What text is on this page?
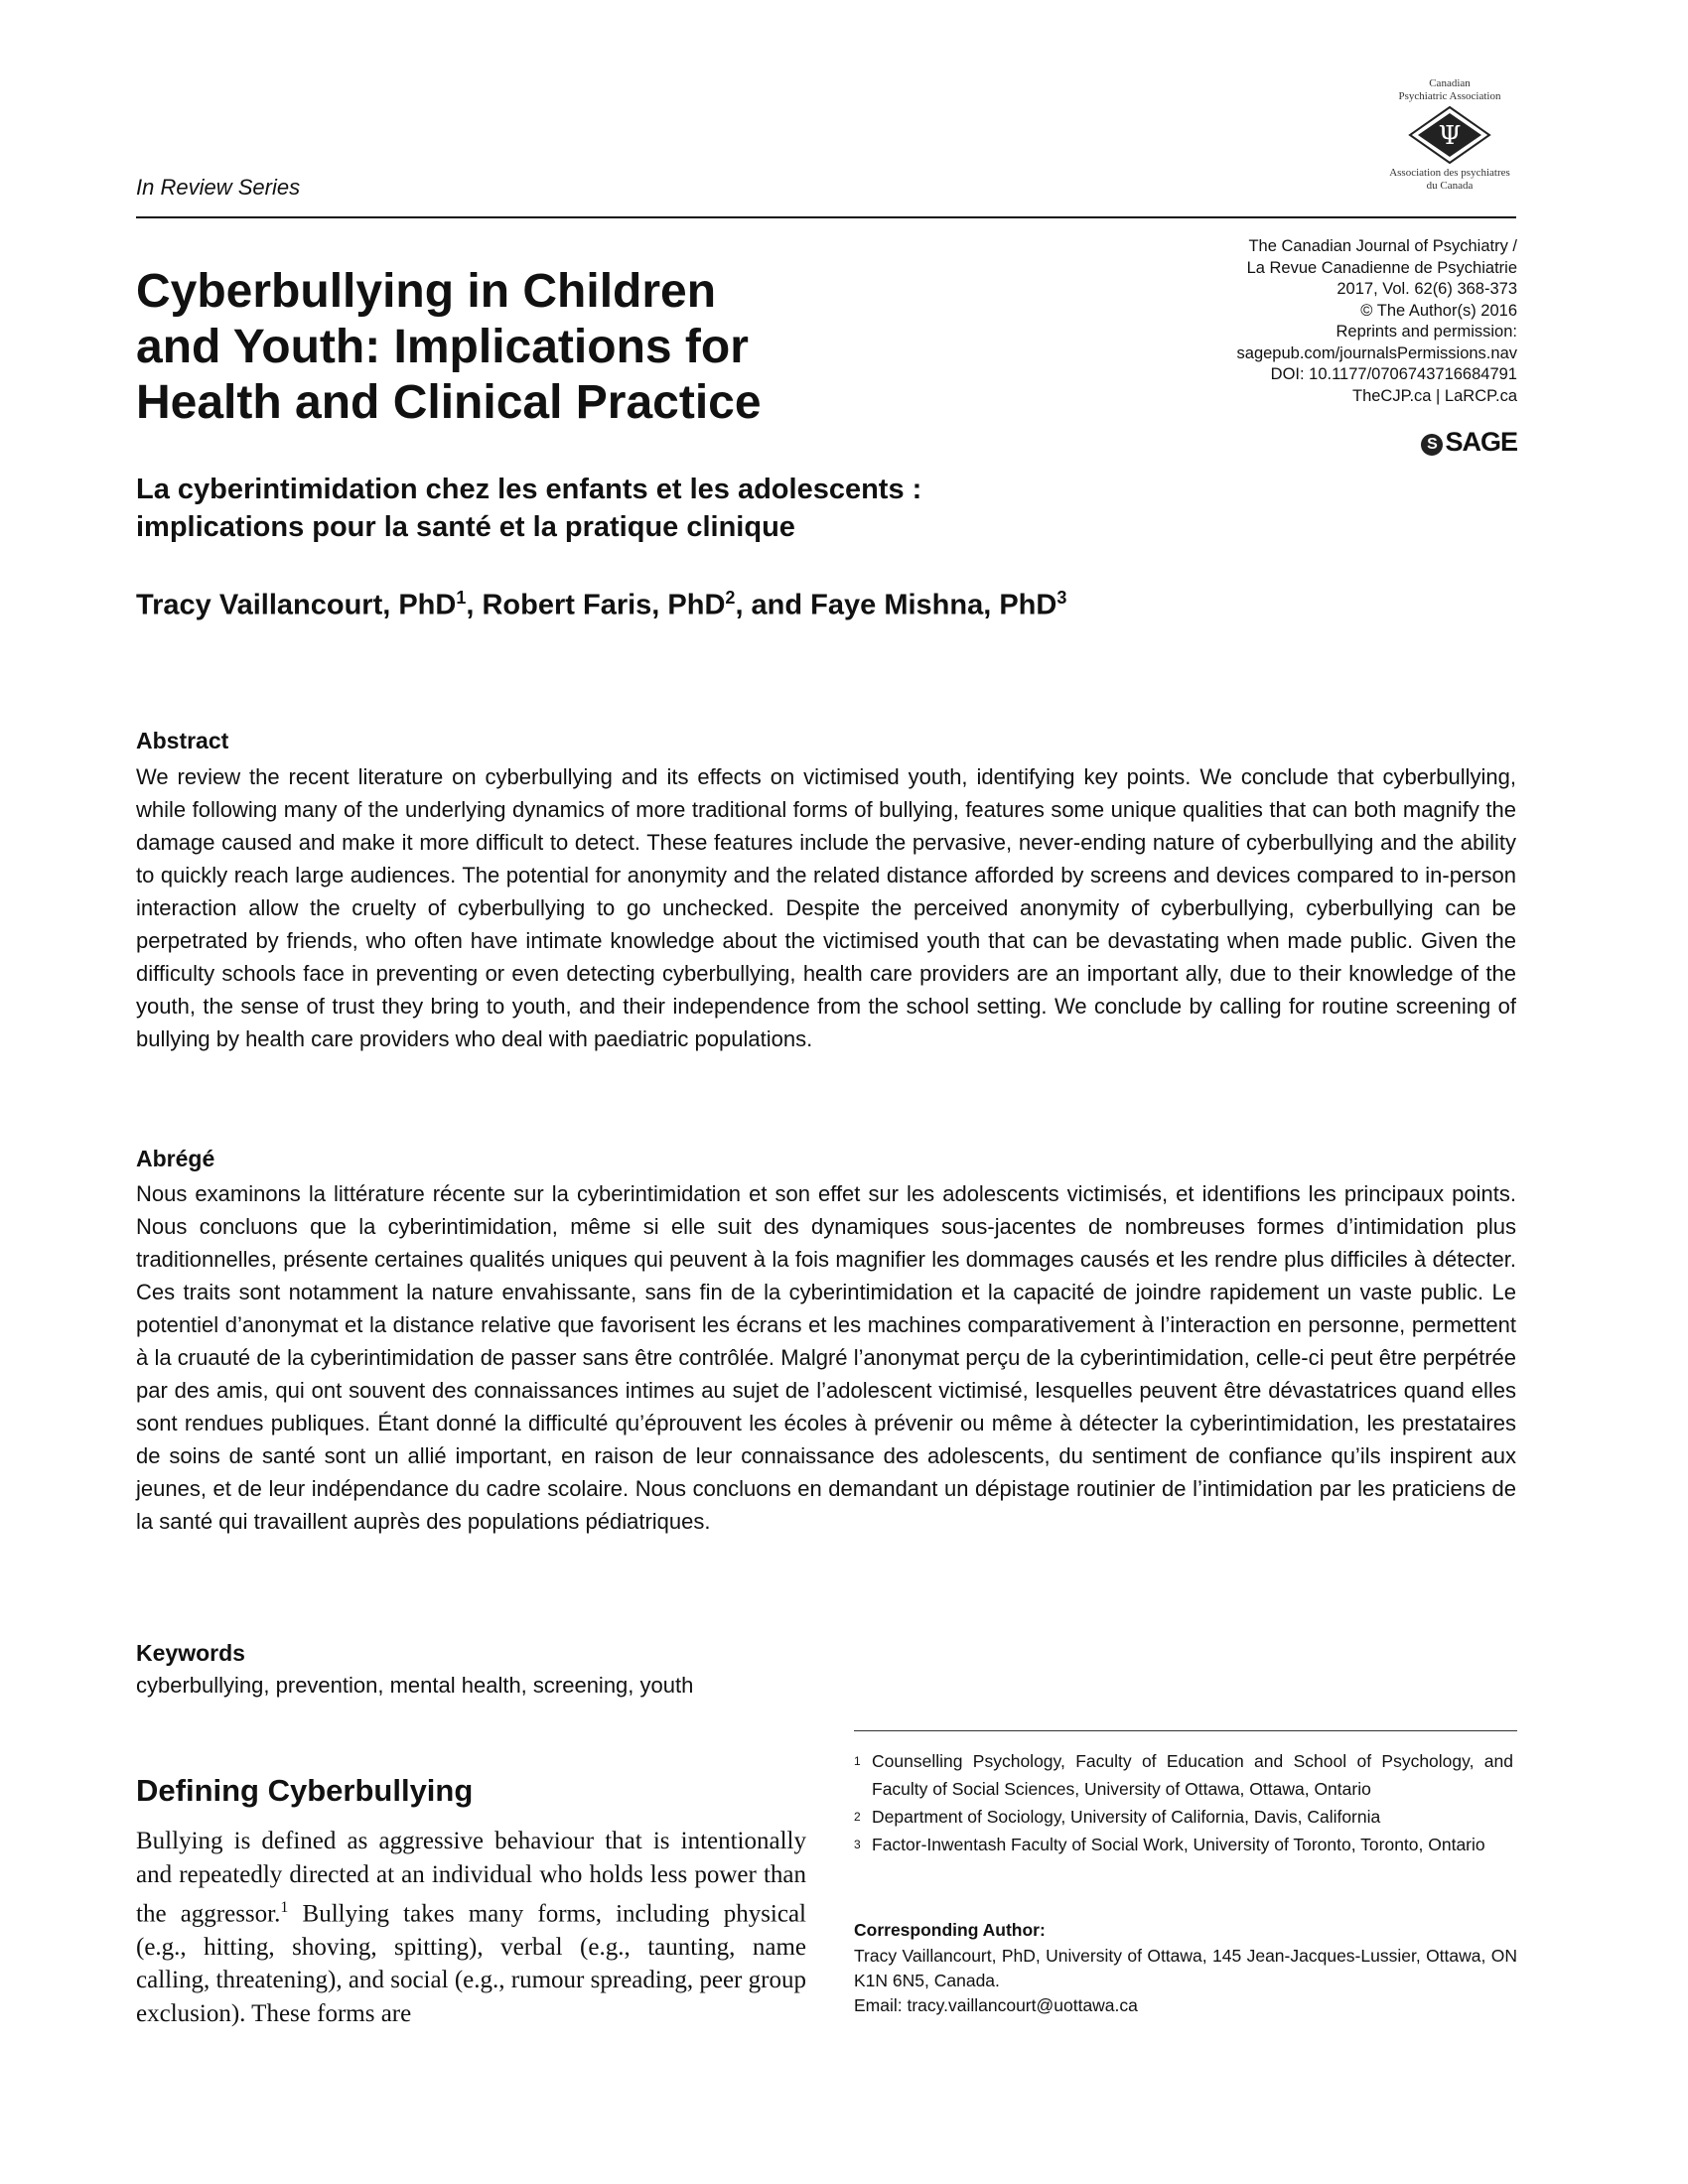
In Review Series
Canadian
Psychiatric Association
Ψ
Association des psychiatres
du Canada
Cyberbullying in Children
and Youth: Implications for
Health and Clinical Practice
The Canadian Journal of Psychiatry /
La Revue Canadienne de Psychiatrie
2017, Vol. 62(6) 368-373
© The Author(s) 2016
Reprints and permission:
sagepub.com/journalsPermissions.nav
DOI: 10.1177/0706743716684791
TheCJP.ca | LaRCP.ca
S SAGE
La cyberintimidation chez les enfants et les adolescents :
implications pour la santé et la pratique clinique
Tracy Vaillancourt, PhD$^1$, Robert Faris, PhD$^2$, and Faye Mishna, PhD$^3$
Abstract
We review the recent literature on cyberbullying and its effects on victimised youth, identifying key points. We conclude that cyberbullying, while following many of the underlying dynamics of more traditional forms of bullying, features some unique qualities that can both magnify the damage caused and make it more difficult to detect. These features include the pervasive, never-ending nature of cyberbullying and the ability to quickly reach large audiences. The potential for anonymity and the related distance afforded by screens and devices compared to in-person interaction allow the cruelty of cyberbullying to go unchecked. Despite the perceived anonymity of cyberbullying, cyberbullying can be perpetrated by friends, who often have intimate knowledge about the victimised youth that can be devastating when made public. Given the difficulty schools face in preventing or even detecting cyberbullying, health care providers are an important ally, due to their knowledge of the youth, the sense of trust they bring to youth, and their independence from the school setting. We conclude by calling for routine screening of bullying by health care providers who deal with paediatric populations.
Abrégé
Nous examinons la littérature récente sur la cyberintimidation et son effet sur les adolescents victimisés, et identifions les principaux points. Nous concluons que la cyberintimidation, même si elle suit des dynamiques sous-jacentes de nombreuses formes d’intimidation plus traditionnelles, présente certaines qualités uniques qui peuvent à la fois magnifier les dommages causés et les rendre plus difficiles à détecter. Ces traits sont notamment la nature envahissante, sans fin de la cyberintimidation et la capacité de joindre rapidement un vaste public. Le potentiel d’anonymat et la distance relative que favorisent les écrans et les machines comparativement à l’interaction en personne, permettent à la cruauté de la cyberintimidation de passer sans être contrôlée. Malgré l’anonymat perçu de la cyberintimidation, celle-ci peut être perpétrée par des amis, qui ont souvent des connaissances intimes au sujet de l’adolescent victimisé, lesquelles peuvent être dévastatrices quand elles sont rendues publiques. Étant donné la difficulté qu’éprouvent les écoles à prévenir ou même à détecter la cyberintimidation, les prestataires de soins de santé sont un allié important, en raison de leur connaissance des adolescents, du sentiment de confiance qu’ils inspirent aux jeunes, et de leur indépendance du cadre scolaire. Nous concluons en demandant un dépistage routinier de l’intimidation par les praticiens de la santé qui travaillent auprès des populations pédiatriques.
Keywords
cyberbullying, prevention, mental health, screening, youth
Defining Cyberbullying
Bullying is defined as aggressive behaviour that is intentionally and repeatedly directed at an individual who holds less power than the aggressor.$^1$ Bullying takes many forms, including physical (e.g., hitting, shoving, spitting), verbal (e.g., taunting, name calling, threatening), and social (e.g., rumour spreading, peer group exclusion). These forms are
1 Counselling Psychology, Faculty of Education and School of Psychology, and Faculty of Social Sciences, University of Ottawa, Ottawa, Ontario
2 Department of Sociology, University of California, Davis, California
3 Factor-Inwentash Faculty of Social Work, University of Toronto, Toronto, Ontario
Corresponding Author:
Tracy Vaillancourt, PhD, University of Ottawa, 145 Jean-Jacques-Lussier, Ottawa, ON K1N 6N5, Canada.
Email: tracy.vaillancourt@uottawa.ca
